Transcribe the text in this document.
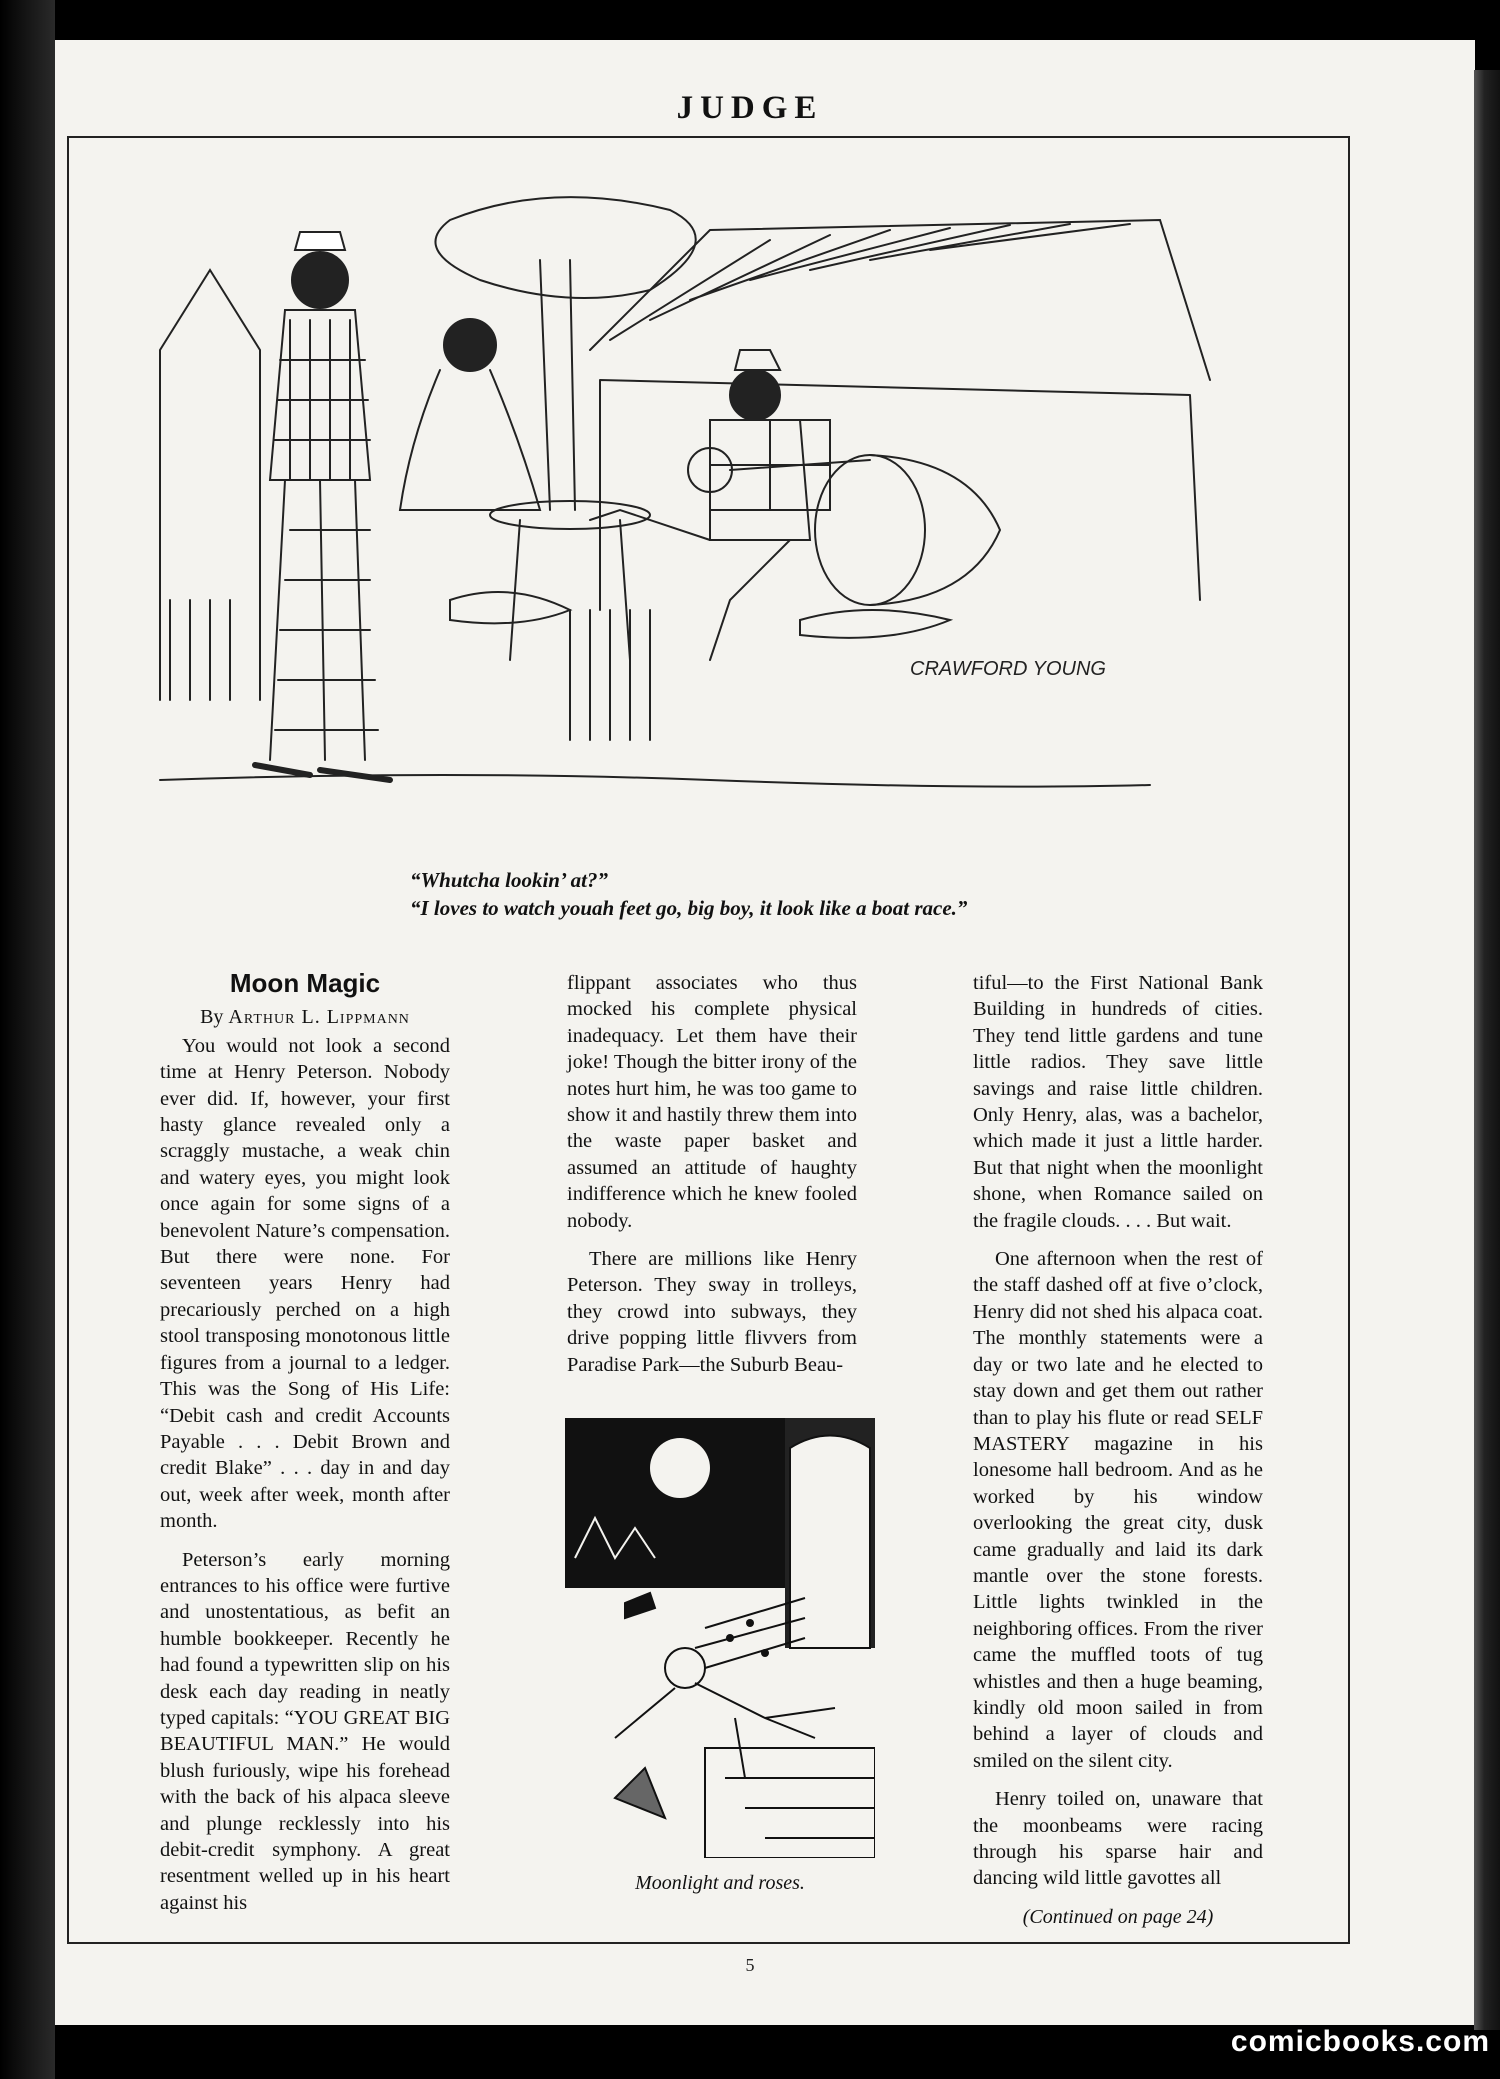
JUDGE
CRAWFORD YOUNG
“Whutcha lookin’ at?”
“I loves to watch youah feet go, big boy, it look like a boat race.”
Moon Magic
By Arthur L. Lippmann

You would not look a second time at Henry Peterson. Nobody ever did. If, however, your first hasty glance revealed only a scraggly mustache, a weak chin and watery eyes, you might look once again for some signs of a benevolent Nature’s compensation. But there were none. For seventeen years Henry had precariously perched on a high stool transposing monotonous little figures from a journal to a ledger. This was the Song of His Life: “Debit cash and credit Accounts Payable . . . Debit Brown and credit Blake” . . . day in and day out, week after week, month after month.

Peterson’s early morning entrances to his office were furtive and unostentatious, as befit an humble bookkeeper. Recently he had found a typewritten slip on his desk each day reading in neatly typed capitals: “YOU GREAT BIG BEAUTIFUL MAN.” He would blush furiously, wipe his forehead with the back of his alpaca sleeve and plunge recklessly into his debit-credit symphony. A great resentment welled up in his heart against his

flippant associates who thus mocked his complete physical inadequacy. Let them have their joke! Though the bitter irony of the notes hurt him, he was too game to show it and hastily threw them into the waste paper basket and assumed an attitude of haughty indifference which he knew fooled nobody.

There are millions like Henry Peterson. They sway in trolleys, they crowd into subways, they drive popping little flivvers from Paradise Park—the Suburb Beau-

Moonlight and roses.

tiful—to the First National Bank Building in hundreds of cities. They tend little gardens and tune little radios. They save little savings and raise little children. Only Henry, alas, was a bachelor, which made it just a little harder. But that night when the moonlight shone, when Romance sailed on the fragile clouds. . . . But wait.

One afternoon when the rest of the staff dashed off at five o’clock, Henry did not shed his alpaca coat. The monthly statements were a day or two late and he elected to stay down and get them out rather than to play his flute or read SELF MASTERY magazine in his lonesome hall bedroom. And as he worked by his window overlooking the great city, dusk came gradually and laid its dark mantle over the stone forests. Little lights twinkled in the neighboring offices. From the river came the muffled toots of tug whistles and then a huge beaming, kindly old moon sailed in from behind a layer of clouds and smiled on the silent city.

Henry toiled on, unaware that the moonbeams were racing through his sparse hair and dancing wild little gavottes all

(Continued on page 24)

5
comicbooks.com
